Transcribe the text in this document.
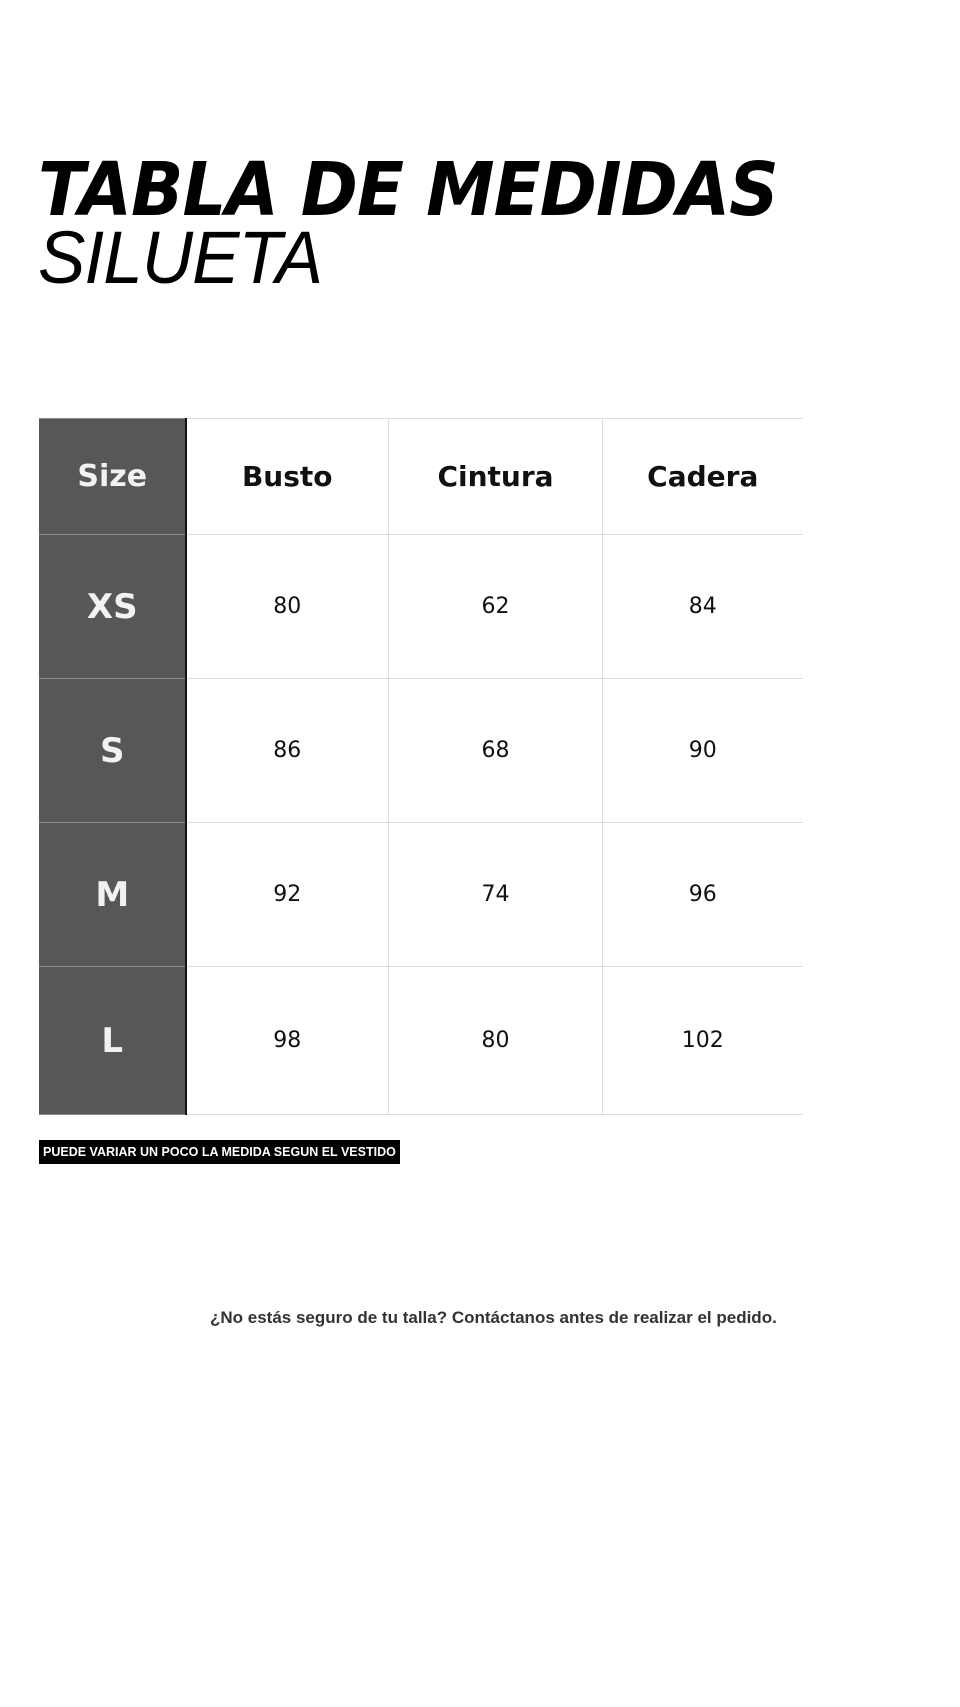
TABLA DE MEDIDAS
SILUETA
Size	Busto	Cintura	Cadera
XS	80	62	84
S	86	68	90
M	92	74	96
L	98	80	102
PUEDE VARIAR UN POCO LA MEDIDA SEGUN EL VESTIDO
¿No estás seguro de tu talla? Contáctanos antes de realizar el pedido.
